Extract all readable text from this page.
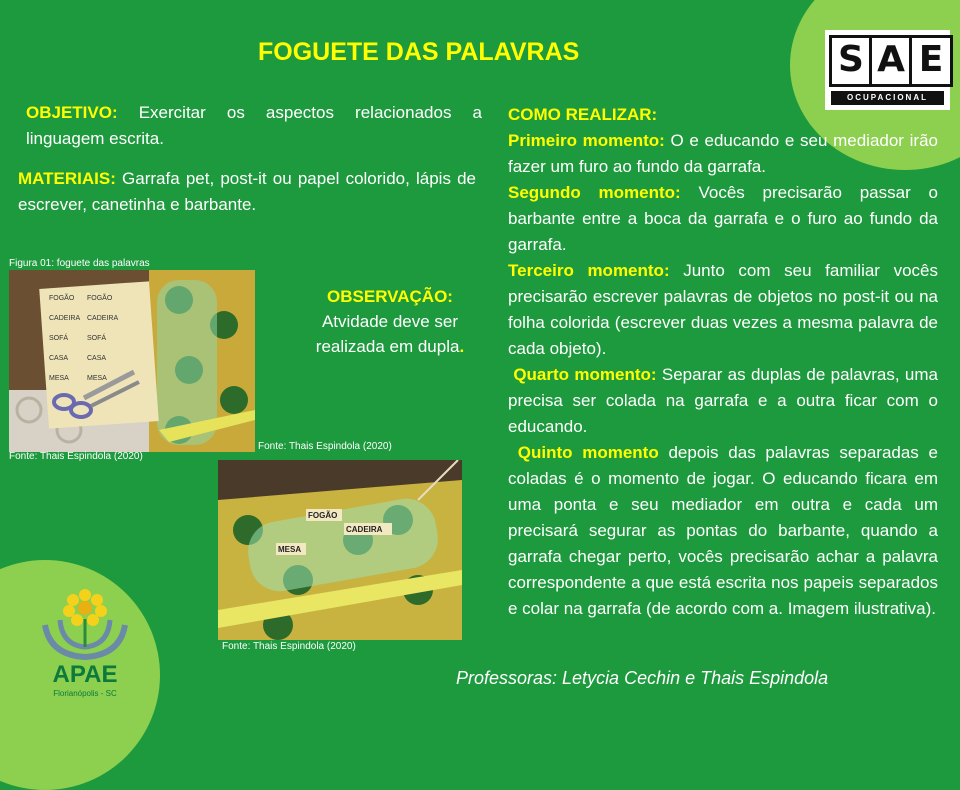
FOGUETE DAS PALAVRAS
OBJETIVO: Exercitar os aspectos relacionados a linguagem escrita.
MATERIAIS: Garrafa pet, post-it ou papel colorido, lápis de escrever, canetinha e barbante.
Figura 01: foguete das palavras
FOGÃO FOGÃO
CADEIRA CADEIRA
SOFÁ	SOFÁ
CASA	CASA
MESA	MESA
Fonte: Thais Espindola (2020)
Fonte: Thais Espindola (2020)
OBSERVAÇÃO:
Atvidade deve ser realizada em dupla.
FOGÃO
CADEIRA
MESA
Fonte: Thais Espindola (2020)

COMO REALIZAR:

Primeiro momento: O e educando e seu mediador irão fazer um furo ao fundo da garrafa.

Segundo momento: Vocês precisarão passar o barbante entre a boca da garrafa e o furo ao fundo da garrafa.

Terceiro momento: Junto com seu familiar vocês precisarão escrever palavras de objetos no post-it ou na folha colorida (escrever duas vezes a mesma palavra de cada objeto).

Quarto momento: Separar as duplas de palavras, uma precisa ser colada na garrafa e a outra ficar com o educando.

Quinto momento depois das palavras separadas e coladas é o momento de jogar. O educando ficara em uma ponta e seu mediador em outra e cada um precisará segurar as pontas do barbante, quando a garrafa chegar perto, vocês precisarão achar a palavra correspondente a que está escrita nos papeis separados e colar na garrafa (de acordo com a. Imagem ilustrativa).

Professoras: Letycia Cechin e Thais Espindola
S A E
OCUPACIONAL
APAE
Florianópolis - SC
